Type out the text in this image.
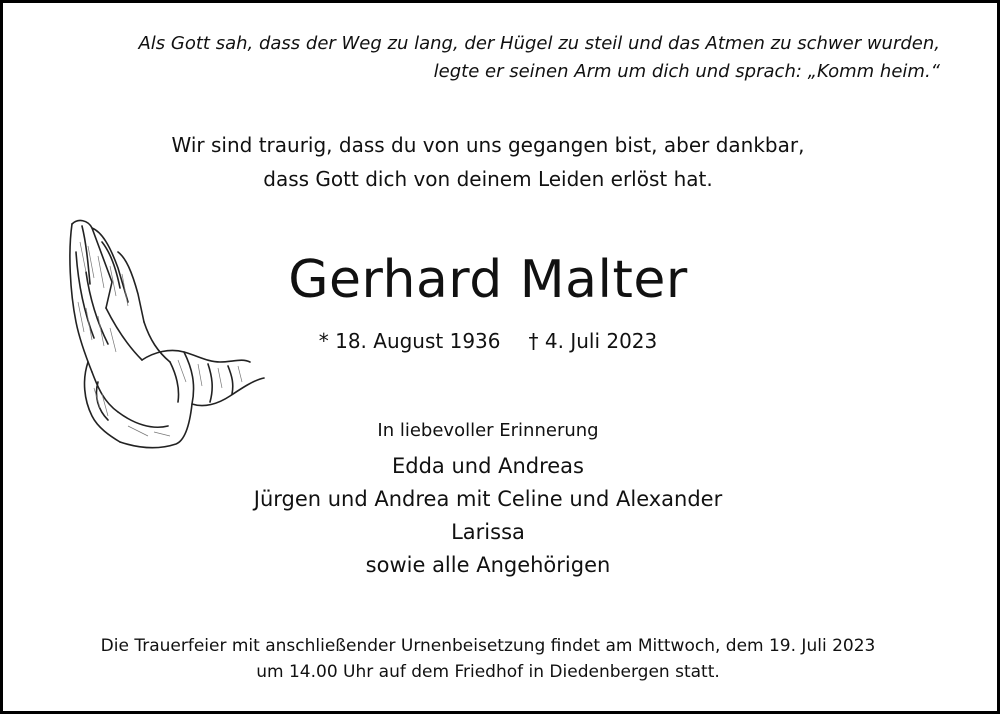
Als Gott sah, dass der Weg zu lang, der Hügel zu steil und das Atmen zu schwer wurden,
legte er seinen Arm um dich und sprach: „Komm heim.“
Wir sind traurig, dass du von uns gegangen bist, aber dankbar,
dass Gott dich von deinem Leiden erlöst hat.
Gerhard Malter
* 18. August 1936 † 4. Juli 2023
In liebevoller Erinnerung
Edda und Andreas
Jürgen und Andrea mit Celine und Alexander
Larissa
sowie alle Angehörigen
Die Trauerfeier mit anschließender Urnenbeisetzung findet am Mittwoch, dem 19. Juli 2023
um 14.00 Uhr auf dem Friedhof in Diedenbergen statt.
